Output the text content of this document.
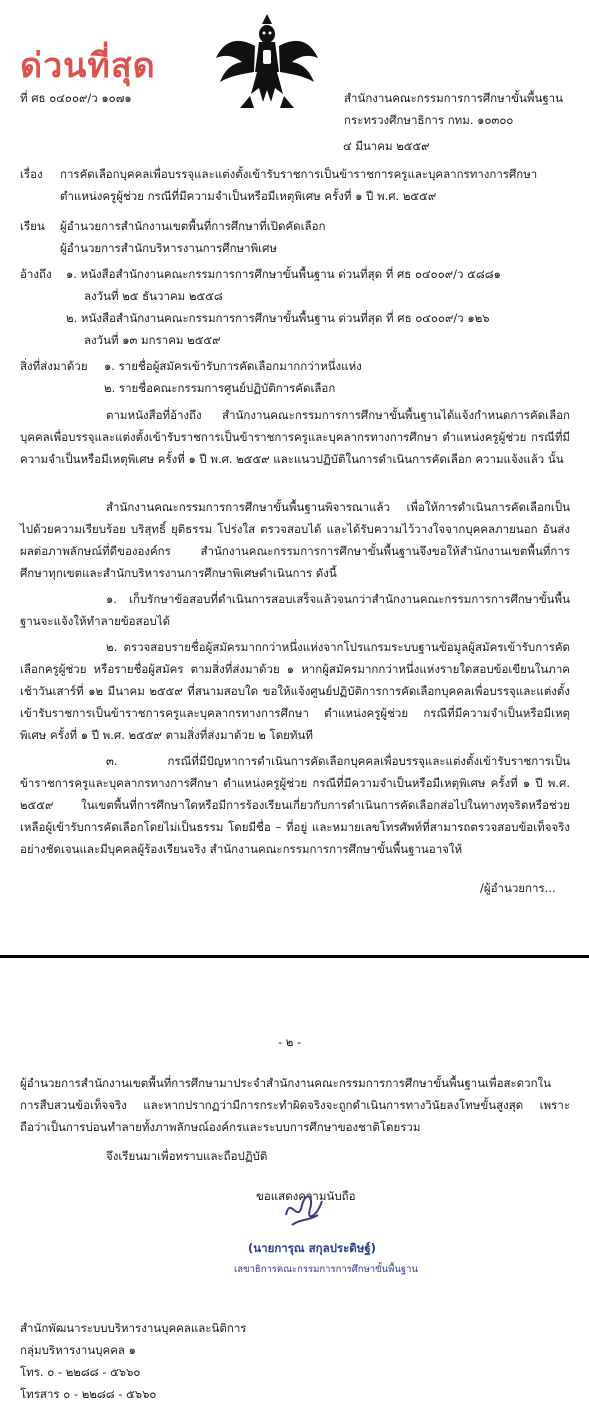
ด่วนที่สุด
ที่ ศธ ๐๔๐๐๙/ว ๑๐๗๑	สำนักงานคณะกรรมการการศึกษาขั้นพื้นฐาน
กระทรวงศึกษาธิการ กทม. ๑๐๓๐๐
๔ มีนาคม ๒๕๕๙
เรื่อง การคัดเลือกบุคคลเพื่อบรรจุและแต่งตั้งเข้ารับราชการเป็นข้าราชการครูและบุคลากรทางการศึกษา
ตำแหน่งครูผู้ช่วย กรณีที่มีความจำเป็นหรือมีเหตุพิเศษ ครั้งที่ ๑ ปี พ.ศ. ๒๕๕๙
เรียน ผู้อำนวยการสำนักงานเขตพื้นที่การศึกษาที่เปิดคัดเลือก
ผู้อำนวยการสำนักบริหารงานการศึกษาพิเศษ
อ้างถึง ๑. หนังสือสำนักงานคณะกรรมการการศึกษาขั้นพื้นฐาน ด่วนที่สุด ที่ ศธ ๐๔๐๐๙/ว ๕๘๘๑
ลงวันที่ ๒๕ ธันวาคม ๒๕๕๘
๒. หนังสือสำนักงานคณะกรรมการการศึกษาขั้นพื้นฐาน ด่วนที่สุด ที่ ศธ ๐๔๐๐๙/ว ๑๒๖
ลงวันที่ ๑๓ มกราคม ๒๕๕๙
สิ่งที่ส่งมาด้วย ๑. รายชื่อผู้สมัครเข้ารับการคัดเลือกมากกว่าหนึ่งแห่ง
๒. รายชื่อคณะกรรมการศูนย์ปฏิบัติการคัดเลือก
ตามหนังสือที่อ้างถึง สำนักงานคณะกรรมการการศึกษาขั้นพื้นฐานได้แจ้งกำหนดการคัดเลือกบุคคลเพื่อบรรจุและแต่งตั้งเข้ารับราชการเป็นข้าราชการครูและบุคลากรทางการศึกษา ตำแหน่งครูผู้ช่วย กรณีที่มีความจำเป็นหรือมีเหตุพิเศษ ครั้งที่ ๑ ปี พ.ศ. ๒๕๕๙ และแนวปฏิบัติในการดำเนินการคัดเลือก ความแจ้งแล้ว นั้น
สำนักงานคณะกรรมการการศึกษาขั้นพื้นฐานพิจารณาแล้ว เพื่อให้การดำเนินการคัดเลือกเป็นไปด้วยความเรียบร้อย บริสุทธิ์ ยุติธรรม โปร่งใส ตรวจสอบได้ และได้รับความไว้วางใจจากบุคคลภายนอก อันส่งผลต่อภาพลักษณ์ที่ดีขององค์กร สำนักงานคณะกรรมการการศึกษาขั้นพื้นฐานจึงขอให้สำนักงานเขตพื้นที่การศึกษาทุกเขตและสำนักบริหารงานการศึกษาพิเศษดำเนินการ ดังนี้
๑. เก็บรักษาข้อสอบที่ดำเนินการสอบเสร็จแล้วจนกว่าสำนักงานคณะกรรมการการศึกษาขั้นพื้นฐานจะแจ้งให้ทำลายข้อสอบได้
๒. ตรวจสอบรายชื่อผู้สมัครมากกว่าหนึ่งแห่งจากโปรแกรมระบบฐานข้อมูลผู้สมัครเข้ารับการคัดเลือกครูผู้ช่วย หรือรายชื่อผู้สมัคร ตามสิ่งที่ส่งมาด้วย ๑ หากผู้สมัครมากกว่าหนึ่งแห่งรายใดสอบข้อเขียนในภาคเช้าวันเสาร์ที่ ๑๒ มีนาคม ๒๕๕๙ ที่สนามสอบใด ขอให้แจ้งศูนย์ปฏิบัติการการคัดเลือกบุคคลเพื่อบรรจุและแต่งตั้งเข้ารับราชการเป็นข้าราชการครูและบุคลากรทางการศึกษา ตำแหน่งครูผู้ช่วย กรณีที่มีความจำเป็นหรือมีเหตุพิเศษ ครั้งที่ ๑ ปี พ.ศ. ๒๕๕๙ ตามสิ่งที่ส่งมาด้วย ๒ โดยทันที
๓. กรณีที่มีปัญหาการดำเนินการคัดเลือกบุคคลเพื่อบรรจุและแต่งตั้งเข้ารับราชการเป็นข้าราชการครูและบุคลากรทางการศึกษา ตำแหน่งครูผู้ช่วย กรณีที่มีความจำเป็นหรือมีเหตุพิเศษ ครั้งที่ ๑ ปี พ.ศ. ๒๕๕๙ ในเขตพื้นที่การศึกษาใดหรือมีการร้องเรียนเกี่ยวกับการดำเนินการคัดเลือกส่อไปในทางทุจริตหรือช่วยเหลือผู้เข้ารับการคัดเลือกโดยไม่เป็นธรรม โดยมีชื่อ – ที่อยู่ และหมายเลขโทรศัพท์ที่สามารถตรวจสอบข้อเท็จจริงอย่างชัดเจนและมีบุคคลผู้ร้องเรียนจริง สำนักงานคณะกรรมการการศึกษาขั้นพื้นฐานอาจให้
/ผู้อำนวยการ...
- ๒ -
ผู้อำนวยการสำนักงานเขตพื้นที่การศึกษามาประจำสำนักงานคณะกรรมการการศึกษาขั้นพื้นฐานเพื่อสะดวกในการสืบสวนข้อเท็จจริง และหากปรากฏว่ามีการกระทำผิดจริงจะถูกดำเนินการทางวินัยลงโทษขั้นสูงสุด เพราะถือว่าเป็นการบ่อนทำลายทั้งภาพลักษณ์องค์กรและระบบการศึกษาของชาติโดยรวม
จึงเรียนมาเพื่อทราบและถือปฏิบัติ
ขอแสดงความนับถือ
(นายการุณ สกุลประดิษฐ์)
เลขาธิการคณะกรรมการการศึกษาขั้นพื้นฐาน
สำนักพัฒนาระบบบริหารงานบุคคลและนิติการ
กลุ่มบริหารงานบุคคล ๑
โทร. ๐ - ๒๒๘๘ - ๕๖๖๐
โทรสาร ๐ - ๒๒๘๘ - ๕๖๖๐
